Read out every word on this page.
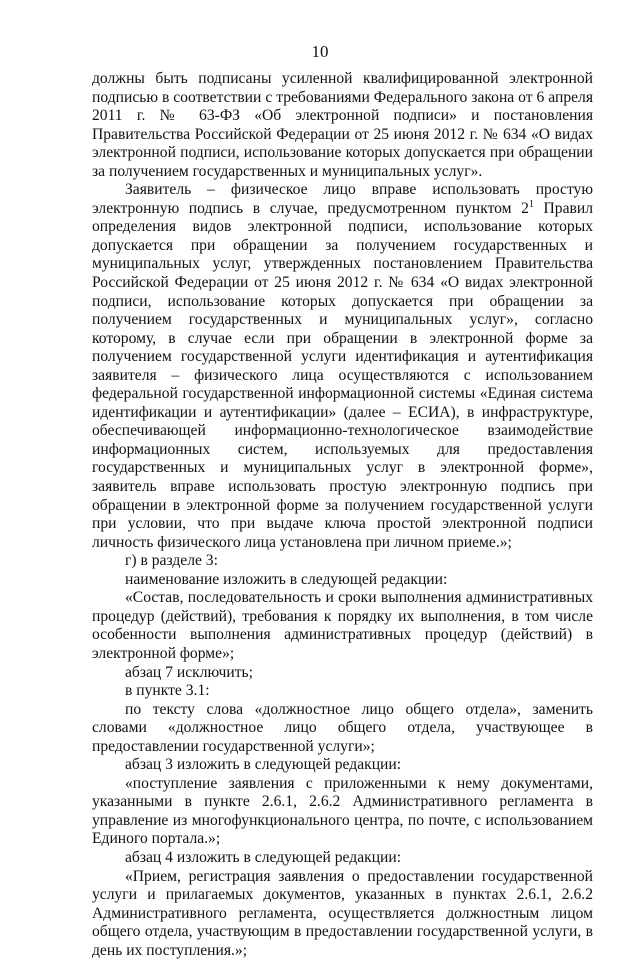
10

должны быть подписаны усиленной квалифицированной электронной подписью в соответствии с требованиями Федерального закона от 6 апреля 2011 г. № 63-ФЗ «Об электронной подписи» и постановления Правительства Российской Федерации от 25 июня 2012 г. № 634 «О видах электронной подписи, использование которых допускается при обращении за получением государственных и муниципальных услуг».

Заявитель – физическое лицо вправе использовать простую электронную подпись в случае, предусмотренном пунктом $2^1$ Правил определения видов электронной подписи, использование которых допускается при обращении за получением государственных и муниципальных услуг, утвержденных постановлением Правительства Российской Федерации от 25 июня 2012 г. № 634 «О видах электронной подписи, использование которых допускается при обращении за получением государственных и муниципальных услуг», согласно которому, в случае если при обращении в электронной форме за получением государственной услуги идентификация и аутентификация заявителя – физического лица осуществляются с использованием федеральной государственной информационной системы «Единая система идентификации и аутентификации» (далее – ЕСИА), в инфраструктуре, обеспечивающей информационно-технологическое взаимодействие информационных систем, используемых для предоставления государственных и муниципальных услуг в электронной форме», заявитель вправе использовать простую электронную подпись при обращении в электронной форме за получением государственной услуги при условии, что при выдаче ключа простой электронной подписи личность физического лица установлена при личном приеме.»;

г) в разделе 3:

наименование изложить в следующей редакции:

«Состав, последовательность и сроки выполнения административных процедур (действий), требования к порядку их выполнения, в том числе особенности выполнения административных процедур (действий) в электронной форме»;

абзац 7 исключить;

в пункте 3.1:

по тексту слова «должностное лицо общего отдела», заменить словами «должностное лицо общего отдела, участвующее в предоставлении государственной услуги»;

абзац 3 изложить в следующей редакции:

«поступление заявления с приложенными к нему документами, указанными в пункте 2.6.1, 2.6.2 Административного регламента в управление из многофункционального центра, по почте, с использованием Единого портала.»;

абзац 4 изложить в следующей редакции:

«Прием, регистрация заявления о предоставлении государственной услуги и прилагаемых документов, указанных в пунктах 2.6.1, 2.6.2 Административного регламента, осуществляется должностным лицом общего отдела, участвующим в предоставлении государственной услуги, в день их поступления.»;
